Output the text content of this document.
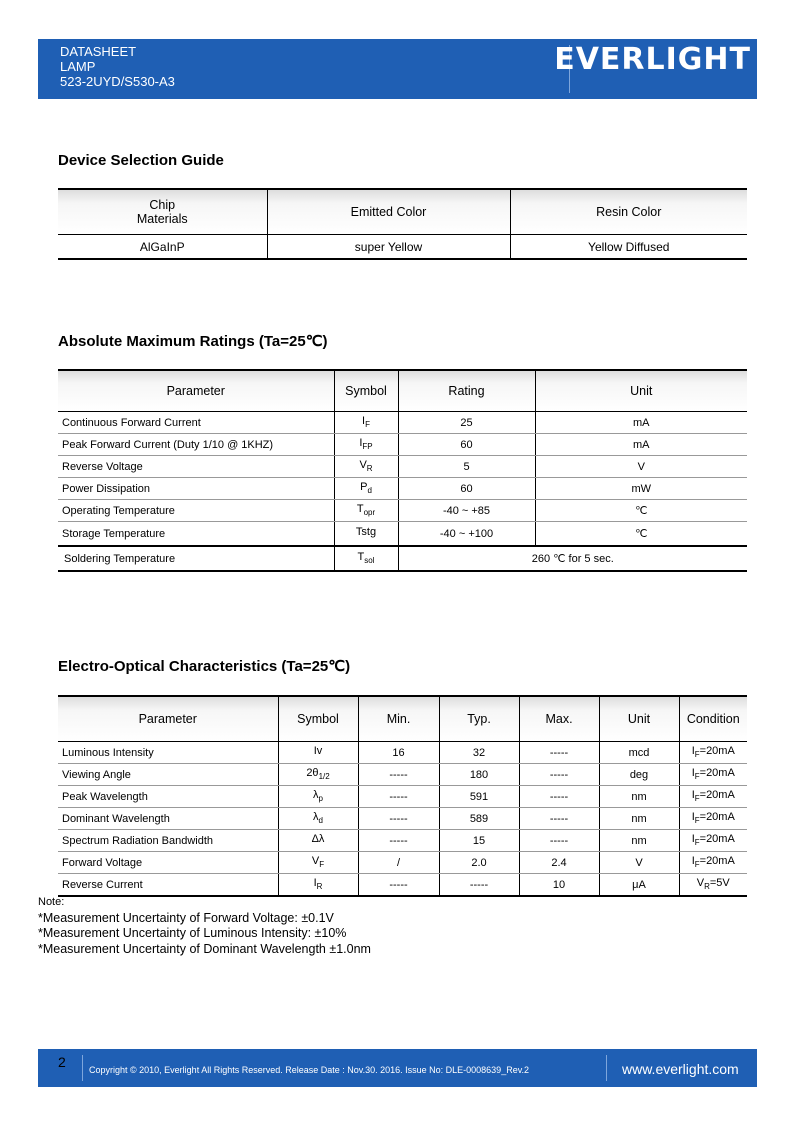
DATASHEET
LAMP
523-2UYD/S530-A3
EVERLIGHT
Device Selection Guide
Chip
Materials	Emitted Color	Resin Color
AlGaInP	super Yellow	Yellow Diffused
Absolute Maximum Ratings (Ta=25℃)
Parameter	Symbol	Rating	Unit
Continuous Forward Current	$I_F$	25	mA
Peak Forward Current (Duty 1/10 @ 1KHZ)	$I_{FP}$	60	mA
Reverse Voltage	$V_R$	5	V
Power Dissipation	$P_d$	60	mW
Operating Temperature	$T_{opr}$	-40 ~ +85	℃
Storage Temperature	Tstg	-40 ~ +100	℃
Soldering Temperature	$T_{sol}$	260 ℃ for 5 sec.	
Electro-Optical Characteristics (Ta=25℃)
Parameter	Symbol	Min.	Typ.	Max.	Unit	Condition
Luminous Intensity	Iv	16	32	-----	mcd	$I_F=20mA$
Viewing Angle	$2\theta_{1/2}$	-----	180	-----	deg	$I_F=20mA$
Peak Wavelength	$\lambda_p$	-----	591	-----	nm	$I_F=20mA$
Dominant Wavelength	$\lambda_d$	-----	589	-----	nm	$I_F=20mA$
Spectrum Radiation Bandwidth	Δλ	-----	15	-----	nm	$I_F=20mA$
Forward Voltage	$V_F$	/	2.0	2.4	V	$I_F=20mA$
Reverse Current	$I_R$	-----	-----	10	μA	$V_R=5V$
Note:
*Measurement Uncertainty of Forward Voltage: ±0.1V
*Measurement Uncertainty of Luminous Intensity: ±10%
*Measurement Uncertainty of Dominant Wavelength ±1.0nm
2	Copyright © 2010, Everlight All Rights Reserved. Release Date : Nov.30. 2016. Issue No: DLE-0008639_Rev.2	www.everlight.com
